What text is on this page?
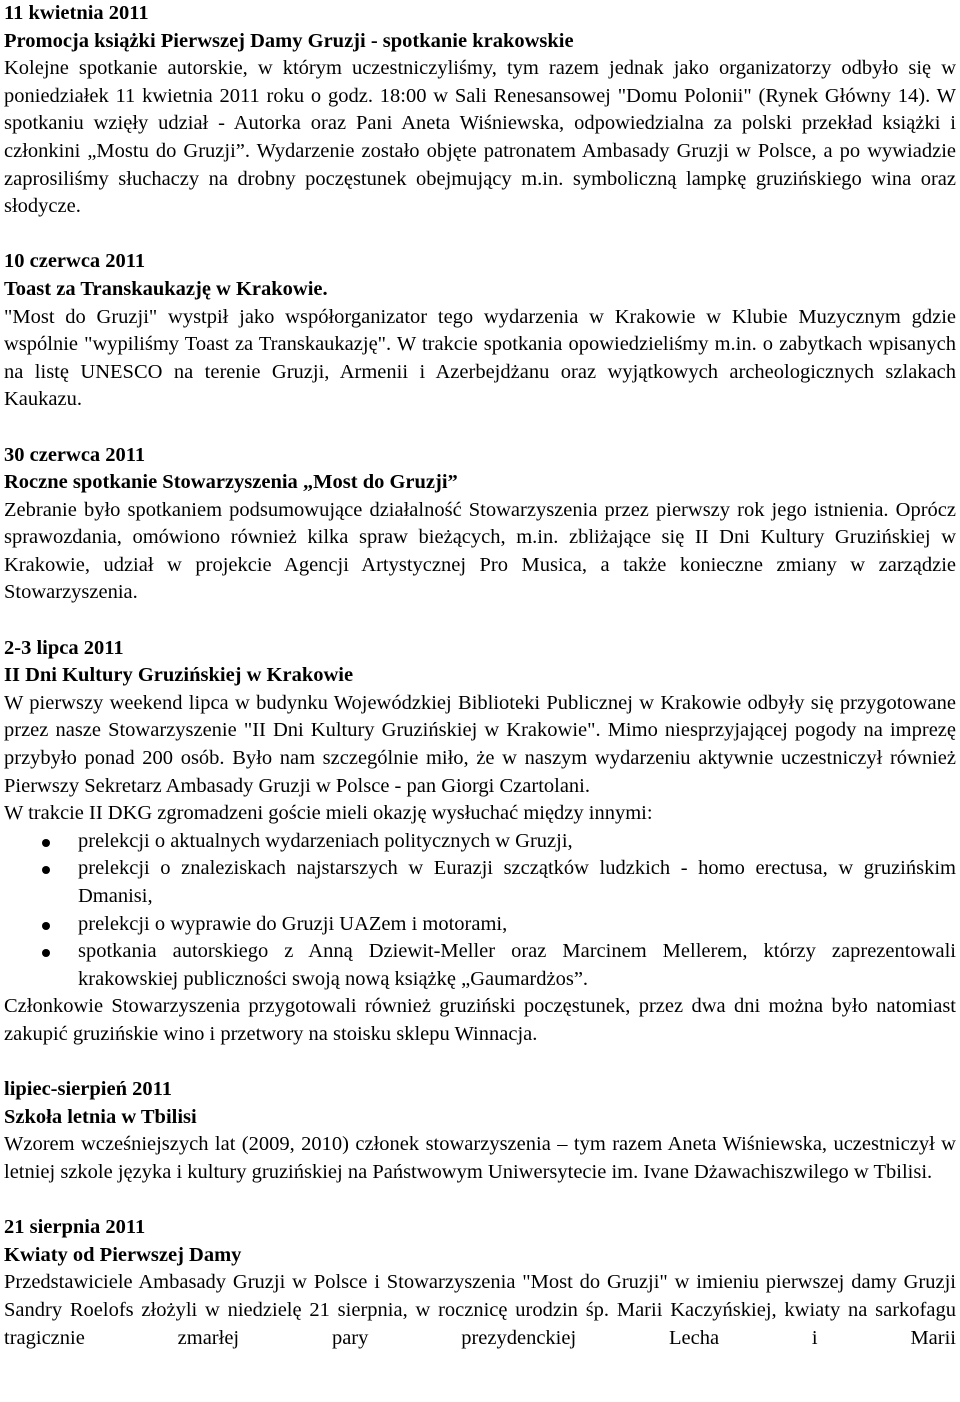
11 kwietnia 2011
Promocja książki Pierwszej Damy Gruzji - spotkanie krakowskie
Kolejne spotkanie autorskie, w którym uczestniczyliśmy, tym razem jednak jako organizatorzy odbyło się w poniedziałek 11 kwietnia 2011 roku o godz. 18:00 w Sali Renesansowej "Domu Polonii" (Rynek Główny 14). W spotkaniu wzięły udział - Autorka oraz Pani Aneta Wiśniewska, odpowiedzialna za polski przekład książki i członkini „Mostu do Gruzji”. Wydarzenie zostało objęte patronatem Ambasady Gruzji w Polsce, a po wywiadzie zaprosiliśmy słuchaczy na drobny poczęstunek obejmujący m.in. symboliczną lampkę gruzińskiego wina oraz słodycze.
10 czerwca 2011
Toast za Transkaukazję w Krakowie.
"Most do Gruzji" wystpił jako współorganizator tego wydarzenia w Krakowie w Klubie Muzycznym gdzie wspólnie "wypiliśmy Toast za Transkaukazję". W trakcie spotkania opowiedzieliśmy m.in. o zabytkach wpisanych na listę UNESCO na terenie Gruzji, Armenii i Azerbejdżanu oraz wyjątkowych archeologicznych szlakach Kaukazu.
30 czerwca 2011
Roczne spotkanie Stowarzyszenia „Most do Gruzji”
Zebranie było spotkaniem podsumowujące działalność Stowarzyszenia przez pierwszy rok jego istnienia. Oprócz sprawozdania, omówiono również kilka spraw bieżących, m.in. zbliżające się II Dni Kultury Gruzińskiej w Krakowie, udział w projekcie Agencji Artystycznej Pro Musica, a także konieczne zmiany w zarządzie Stowarzyszenia.
2-3 lipca 2011
II Dni Kultury Gruzińskiej w Krakowie
W pierwszy weekend lipca w budynku Wojewódzkiej Biblioteki Publicznej w Krakowie odbyły się przygotowane przez nasze Stowarzyszenie "II Dni Kultury Gruzińskiej w Krakowie". Mimo niesprzyjającej pogody na imprezę przybyło ponad 200 osób. Było nam szczególnie miło, że w naszym wydarzeniu aktywnie uczestniczył również Pierwszy Sekretarz Ambasady Gruzji w Polsce - pan Giorgi Czartolani.
W trakcie II DKG zgromadzeni goście mieli okazję wysłuchać między innymi:
prelekcji o aktualnych wydarzeniach politycznych w Gruzji,
prelekcji o znaleziskach najstarszych w Eurazji szczątków ludzkich - homo erectusa, w gruzińskim Dmanisi,
prelekcji o wyprawie do Gruzji UAZem i motorami,
spotkania autorskiego z Anną Dziewit-Meller oraz Marcinem Mellerem, którzy zaprezentowali krakowskiej publiczności swoją nową książkę „Gaumardżos”.
Członkowie Stowarzyszenia przygotowali również gruziński poczęstunek, przez dwa dni można było natomiast zakupić gruzińskie wino i przetwory na stoisku sklepu Winnacja.
lipiec-sierpień 2011
Szkoła letnia w Tbilisi
Wzorem wcześniejszych lat (2009, 2010) członek stowarzyszenia – tym razem Aneta Wiśniewska, uczestniczył w letniej szkole języka i kultury gruzińskiej na Państwowym Uniwersytecie im. Ivane Dżawachiszwilego w Tbilisi.
21 sierpnia 2011
Kwiaty od Pierwszej Damy
Przedstawiciele Ambasady Gruzji w Polsce i Stowarzyszenia "Most do Gruzji" w imieniu pierwszej damy Gruzji Sandry Roelofs złożyli w niedzielę 21 sierpnia, w rocznicę urodzin śp. Marii Kaczyńskiej, kwiaty na sarkofagu tragicznie zmarłej pary prezydenckiej Lecha i Marii
